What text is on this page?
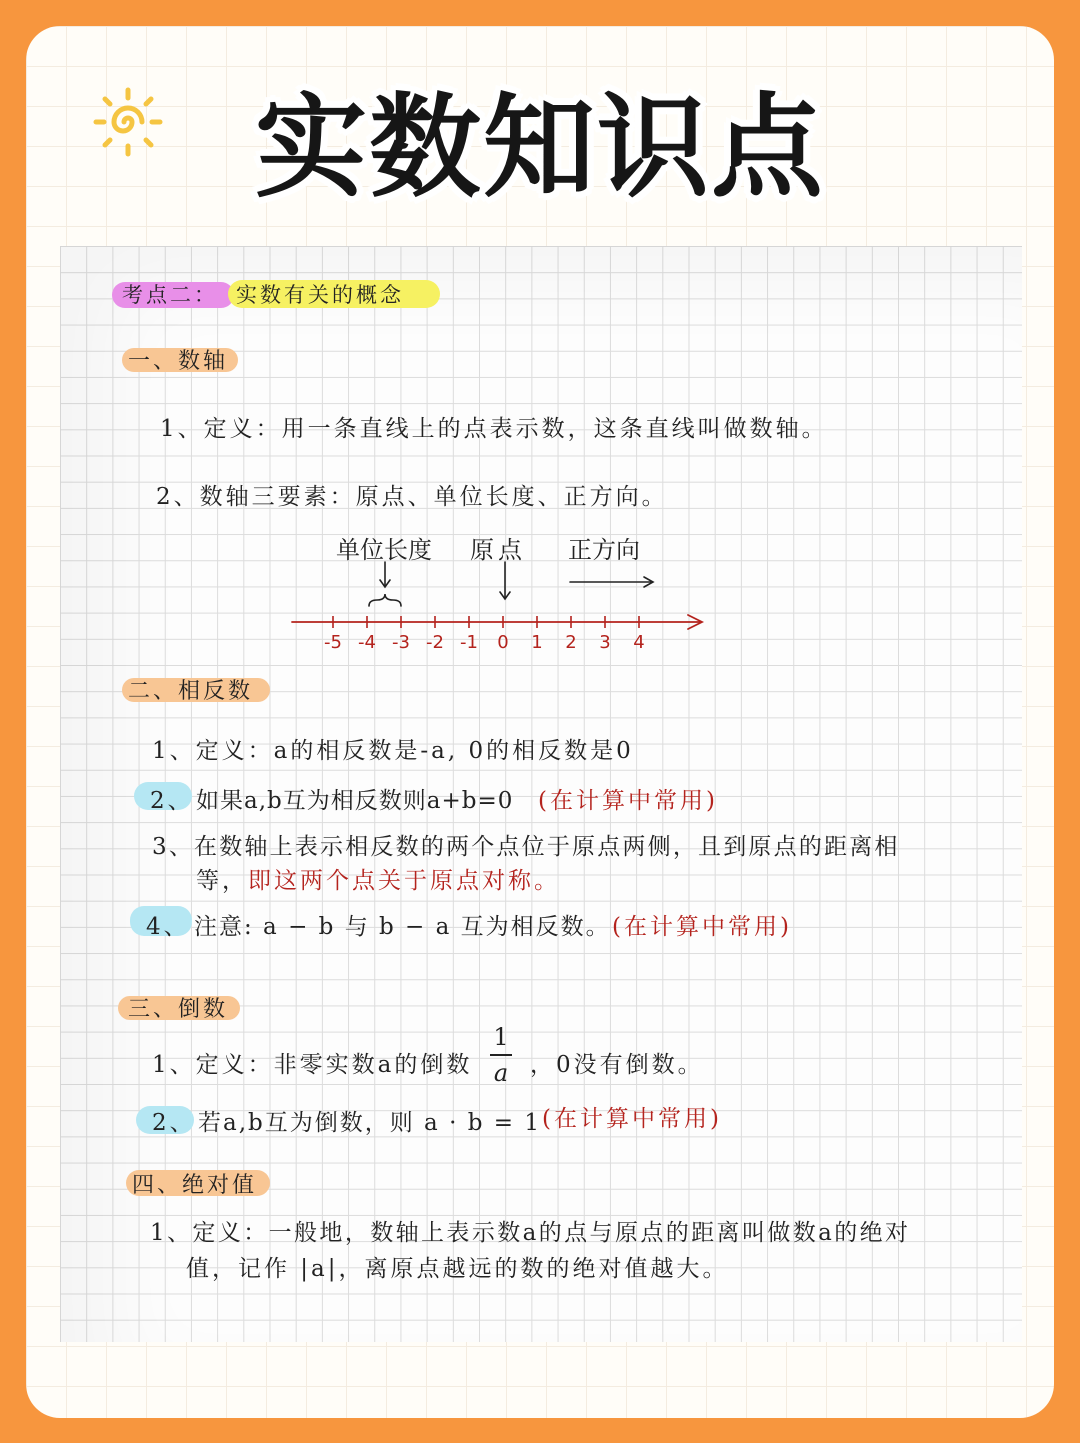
实数知识点
考点二： 实数有关的概念
一、数轴
1、定义：用一条直线上的点表示数，这条直线叫做数轴。
2、数轴三要素：原点、单位长度、正方向。
单位长度 原点 正方向
-5 -4 -3 -2 -1 0 1 2 3 4
二、相反数
1、定义：a的相反数是-a, 0的相反数是0
2、 如果a,b互为相反数则a+b=0 (在计算中常用)
3、在数轴上表示相反数的两个点位于原点两侧，且到原点的距离相
等， 即这两个点关于原点对称。
4、 注意: a − b 与 b − a 互为相反数。 (在计算中常用)
三、倒数
1、定义：非零实数a的倒数
1
a ，0没有倒数。
2、 若a,b互为倒数，则 a · b = 1 (在计算中常用)
四、绝对值
1、定义：一般地，数轴上表示数a的点与原点的距离叫做数a的绝对
值，记作 |a|，离原点越远的数的绝对值越大。
